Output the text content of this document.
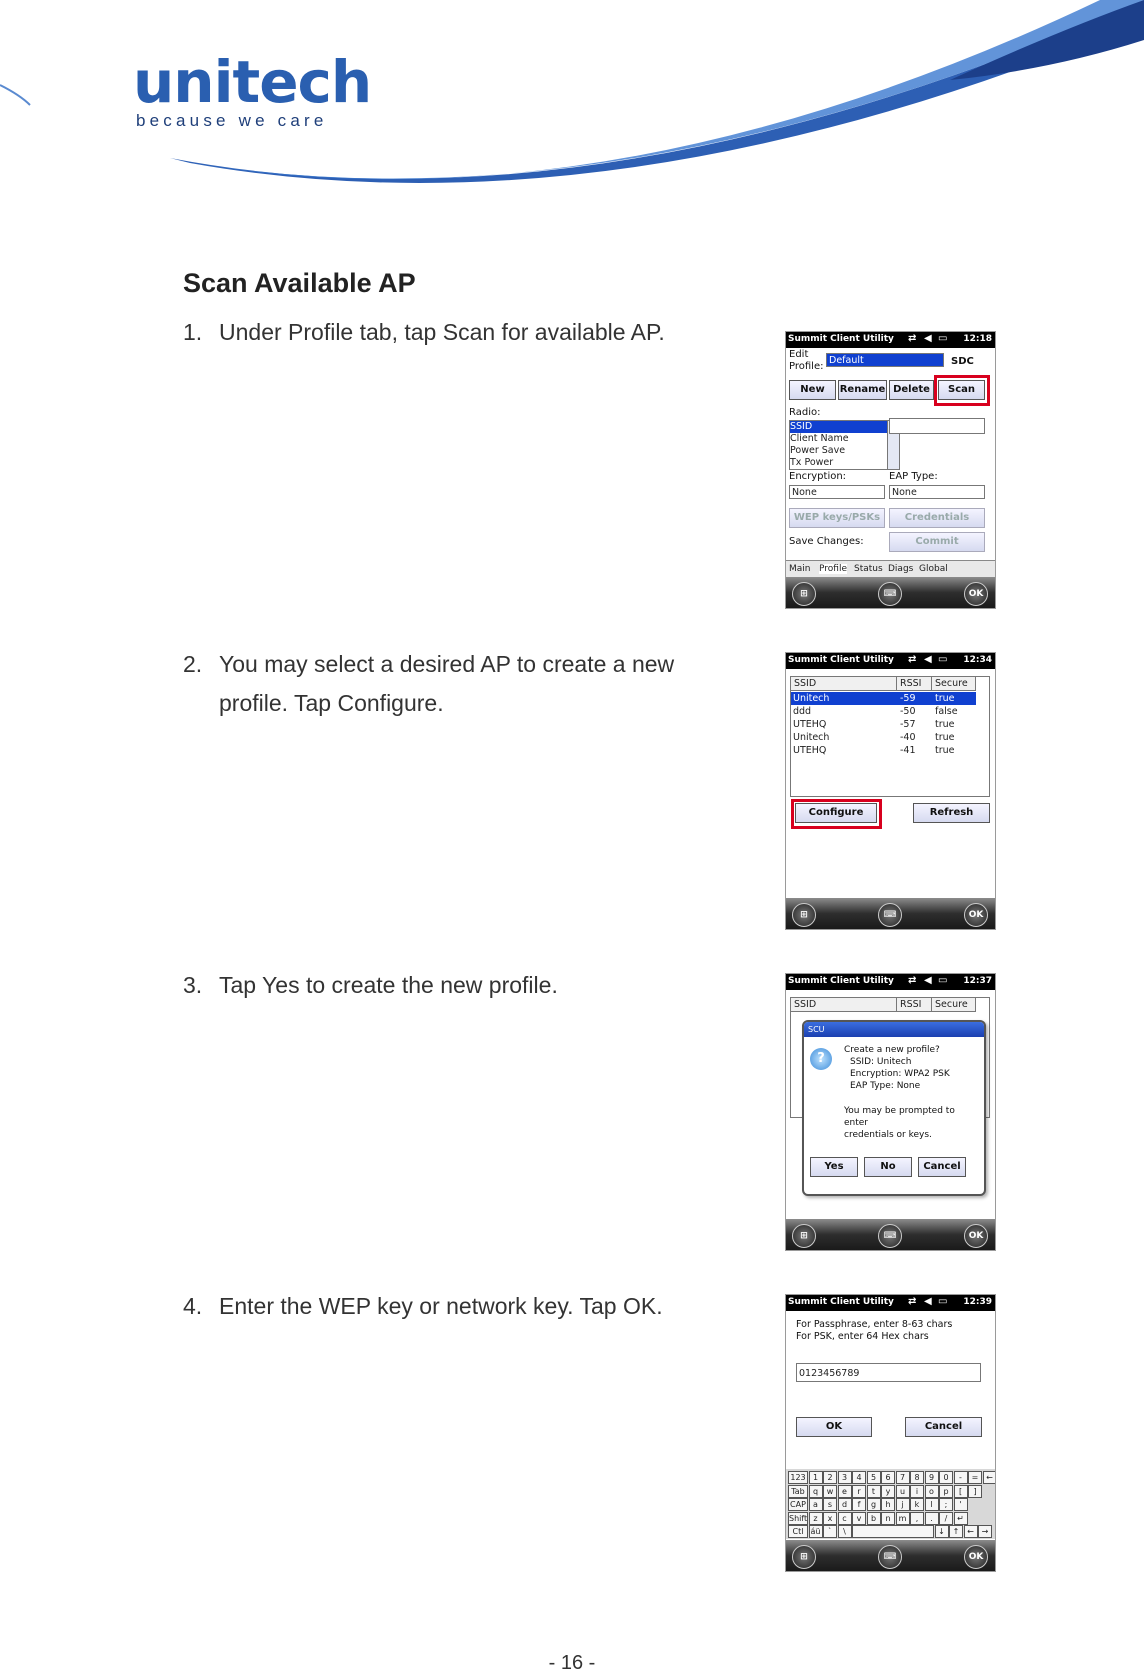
unitech
because we care
Scan Available AP
1. Under Profile tab, tap Scan for available AP.
2. You may select a desired AP to create a new profile. Tap Configure.
3. Tap Yes to create the new profile.
4. Enter the WEP key or network key. Tap OK.
Summit Client Utility ⇄ ◀ ▭ 12:18
Edit
Profile:
Default	SDC
New	Rename Delete	Scan
Radio:
SSID
Client Name
Power Save
Tx Power
Encryption:	EAP Type:
None	None
WEP keys/PSKs	Credentials
Save Changes:	Commit
Main Profile Status Diags Global
⊞	⌨	OK
Summit Client Utility ⇄ ◀ ▭ 12:34
SSID	RSSI	Secure
Unitech	-59 true
ddd	-50 false
UTEHQ	-57 true
Unitech	-40 true
UTEHQ	-41 true
Configure	Refresh
⊞	⌨	OK
Summit Client Utility ⇄ ◀ ▭ 12:37
SSID	RSSI	Secure
SCU
?
Create a new profile?
SSID: Unitech
Encryption: WPA2 PSK
EAP Type: None
You may be prompted to
enter
credentials or keys.
Yes	No	Cancel
⊞	⌨	OK
Summit Client Utility ⇄ ◀ ▭ 12:39
For Passphrase, enter 8-63 chars
For PSK, enter 64 Hex chars
0123456789
OK	Cancel
123 1	2	3	4	5	6	7	8	9	0	-	= ←
Tab	q	w	e	r	t	y	u	i	o	p	[	]
CAP a	s	d	f	g	h	j	k	l	;	'
Shift z	x	c	v	b	n	m	,	.	/	↵
Ctl áü `	\	↓ ↑ ← →
⊞	⌨	OK
- 16 -
